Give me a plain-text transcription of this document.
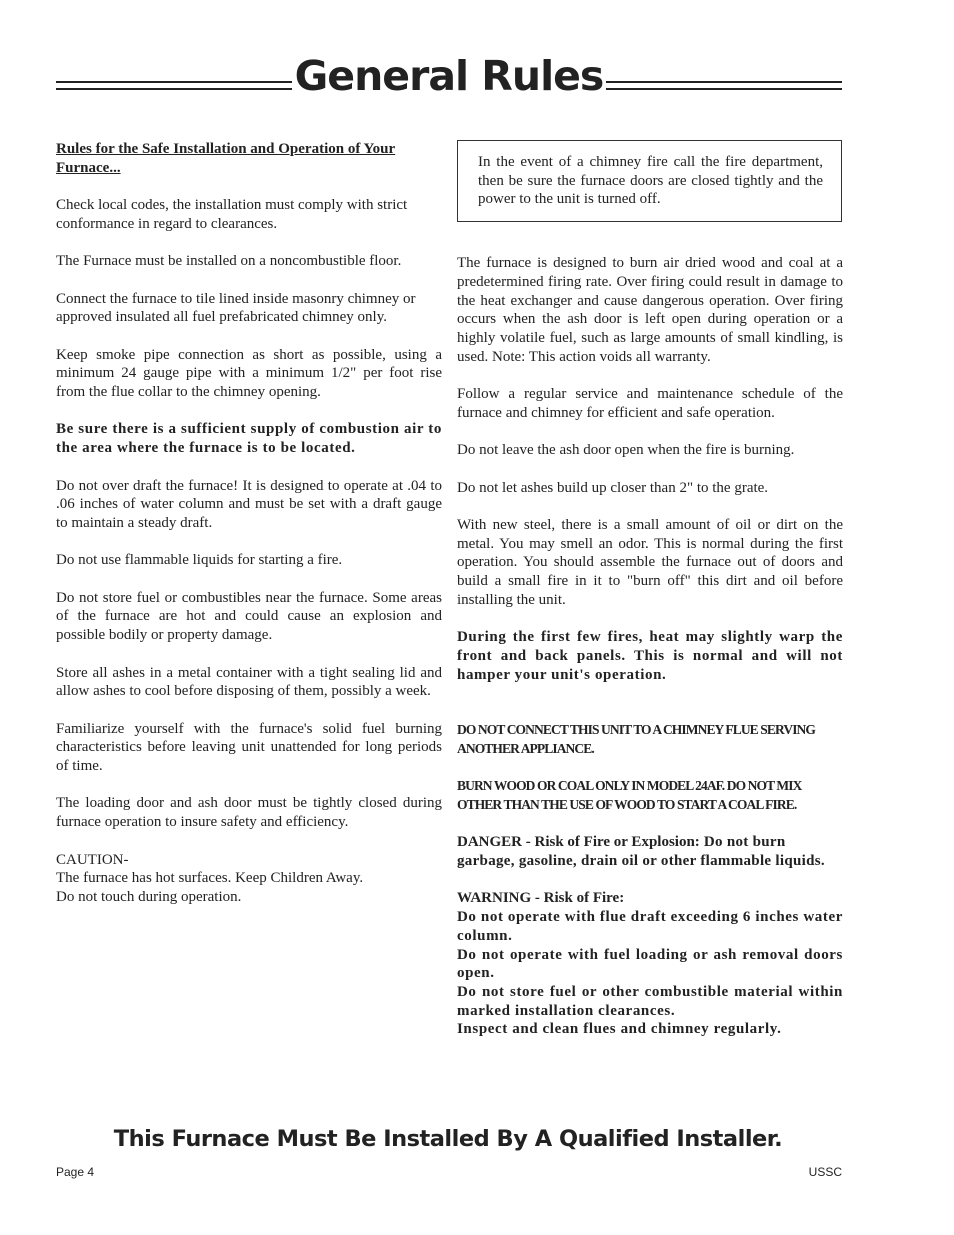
General Rules

Rules for the Safe Installation and Operation of Your Furnace...

Check local codes, the installation must comply with strict conformance in regard to clearances.

The Furnace must be installed on a noncombustible floor.

Connect the furnace to tile lined inside masonry chimney or approved insulated all fuel prefabricated chimney only.

Keep smoke pipe connection as short as possible, using a minimum 24 gauge pipe with a minimum 1/2" per foot rise from the flue collar to the chimney opening.

Be sure there is a sufficient supply of combustion air to the area where the furnace is to be located.

Do not over draft the furnace! It is designed to operate at .04 to .06 inches of water column and must be set with a draft gauge to maintain a steady draft.

Do not use flammable liquids for starting a fire.

Do not store fuel or combustibles near the furnace. Some areas of the furnace are hot and could cause an explosion and possible bodily or property damage.

Store all ashes in a metal container with a tight sealing lid and allow ashes to cool before disposing of them, possibly a week.

Familiarize yourself with the furnace's solid fuel burning characteristics before leaving unit unattended for long periods of time.

The loading door and ash door must be tightly closed during furnace operation to insure safety and efficiency.

CAUTION-
The furnace has hot surfaces. Keep Children Away.
Do not touch during operation.

In the event of a chimney fire call the fire department, then be sure the furnace doors are closed tightly and the power to the unit is turned off.

The furnace is designed to burn air dried wood and coal at a predetermined firing rate. Over firing could result in damage to the heat exchanger and cause dangerous operation. Over firing occurs when the ash door is left open during operation or a highly volatile fuel, such as large amounts of small kindling, is used. Note: This action voids all warranty.

Follow a regular service and maintenance schedule of the furnace and chimney for efficient and safe operation.

Do not leave the ash door open when the fire is burning.

Do not let ashes build up closer than 2" to the grate.

With new steel, there is a small amount of oil or dirt on the metal. You may smell an odor. This is normal during the first operation. You should assemble the furnace out of doors and build a small fire in it to "burn off" this dirt and oil before installing the unit.

During the first few fires, heat may slightly warp the front and back panels. This is normal and will not hamper your unit's operation.

DO NOT CONNECT THIS UNIT TO A CHIMNEY FLUE SERVING ANOTHER APPLIANCE.

BURN WOOD OR COAL ONLY IN MODEL 24AF. DO NOT MIX OTHER THAN THE USE OF WOOD TO START A COAL FIRE.

DANGER - Risk of Fire or Explosion: Do not burn garbage, gasoline, drain oil or other flammable liquids.

WARNING - Risk of Fire:
Do not operate with flue draft exceeding 6 inches water column.
Do not operate with fuel loading or ash removal doors open.
Do not store fuel or other combustible material within marked installation clearances.
Inspect and clean flues and chimney regularly.
This Furnace Must Be Installed By A Qualified Installer.
Page 4	USSC
